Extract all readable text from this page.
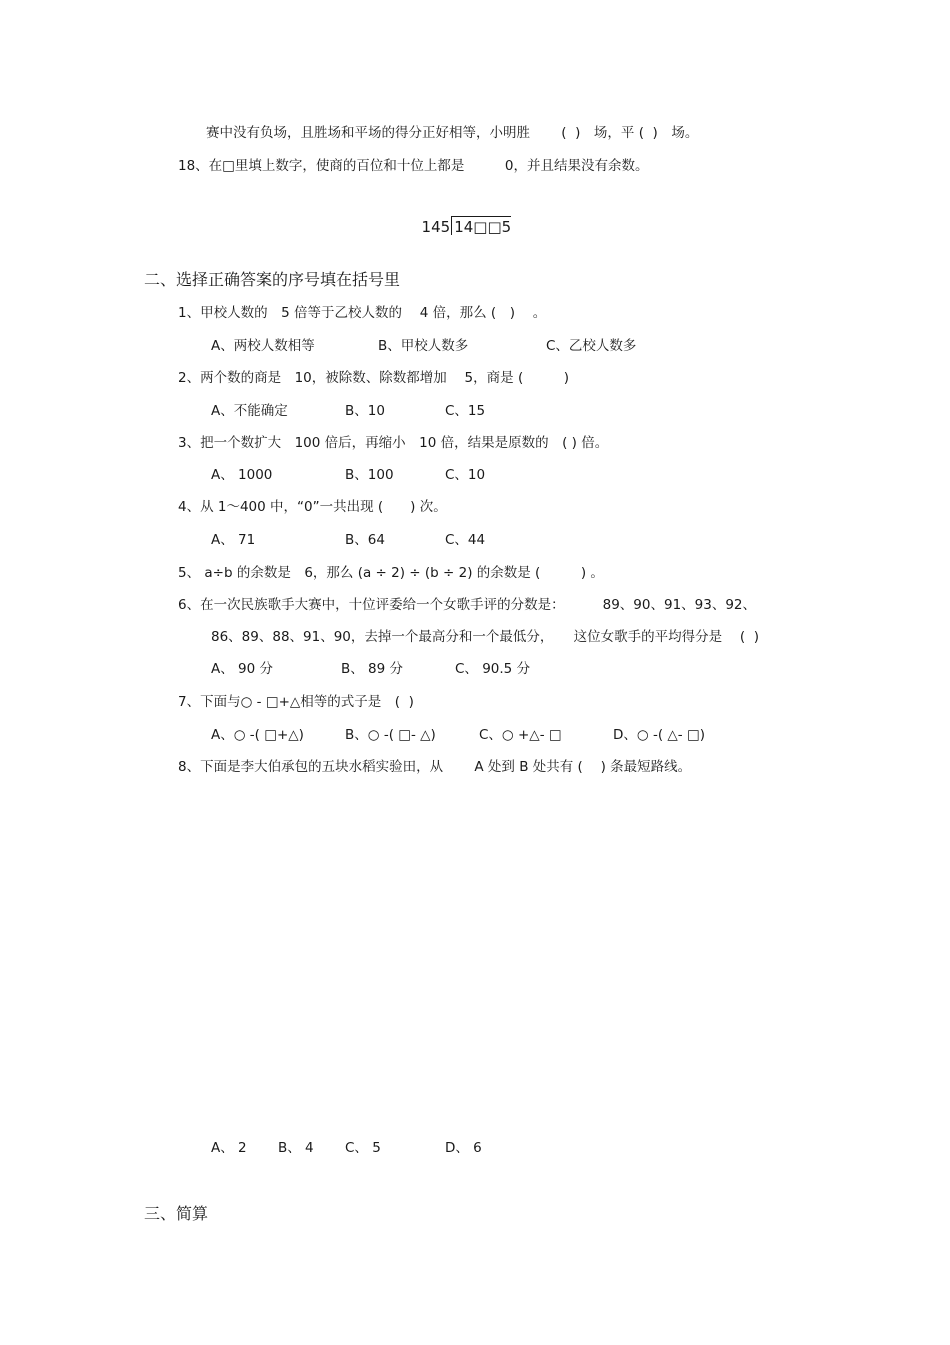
赛中没有负场，且胜场和平场的得分正好相等，小明胜　　 (  )　场，平 (  )　场。
18、在□里填上数字，使商的百位和十位上都是　　　0，并且结果没有余数。

145 14□□5

二、选择正确答案的序号填在括号里
1、甲校人数的　5 倍等于乙校人数的　 4 倍，那么 (　)　 。
A、两校人数相等	B、甲校人数多	C、乙校人数多
2、两个数的商是　10，被除数、除数都增加　 5，商是 (　　　)
A、不能确定	B、10	C、15
3、把一个数扩大　100 倍后，再缩小　10 倍，结果是原数的　( ) 倍。
A、 1000	B、100	C、10
4、从 1～400 中，“0”一共出现 (　　) 次。
A、 71	B、64	C、44
5、 a÷b 的余数是　6，那么 (a ÷ 2) ÷ (b ÷ 2) 的余数是 (　　　) 。
6、在一次民族歌手大赛中，十位评委给一个女歌手评的分数是：　　　 89、90、91、93、92、
86、89、88、91、90，去掉一个最高分和一个最低分，　　这位女歌手的平均得分是　 (  )
A、 90 分	B、 89 分	C、 90.5 分
7、下面与○ - □+△相等的式子是　(  )
A、○ -( □+△)	B、○ -( □- △)	C、○ +△- □	D、○ -( △- □)
8、下面是李大伯承包的五块水稻实验田，从　　 A 处到 B 处共有 (　 ) 条最短路线。
A、 2 B、 4 C、 5	D、 6
三、简算
